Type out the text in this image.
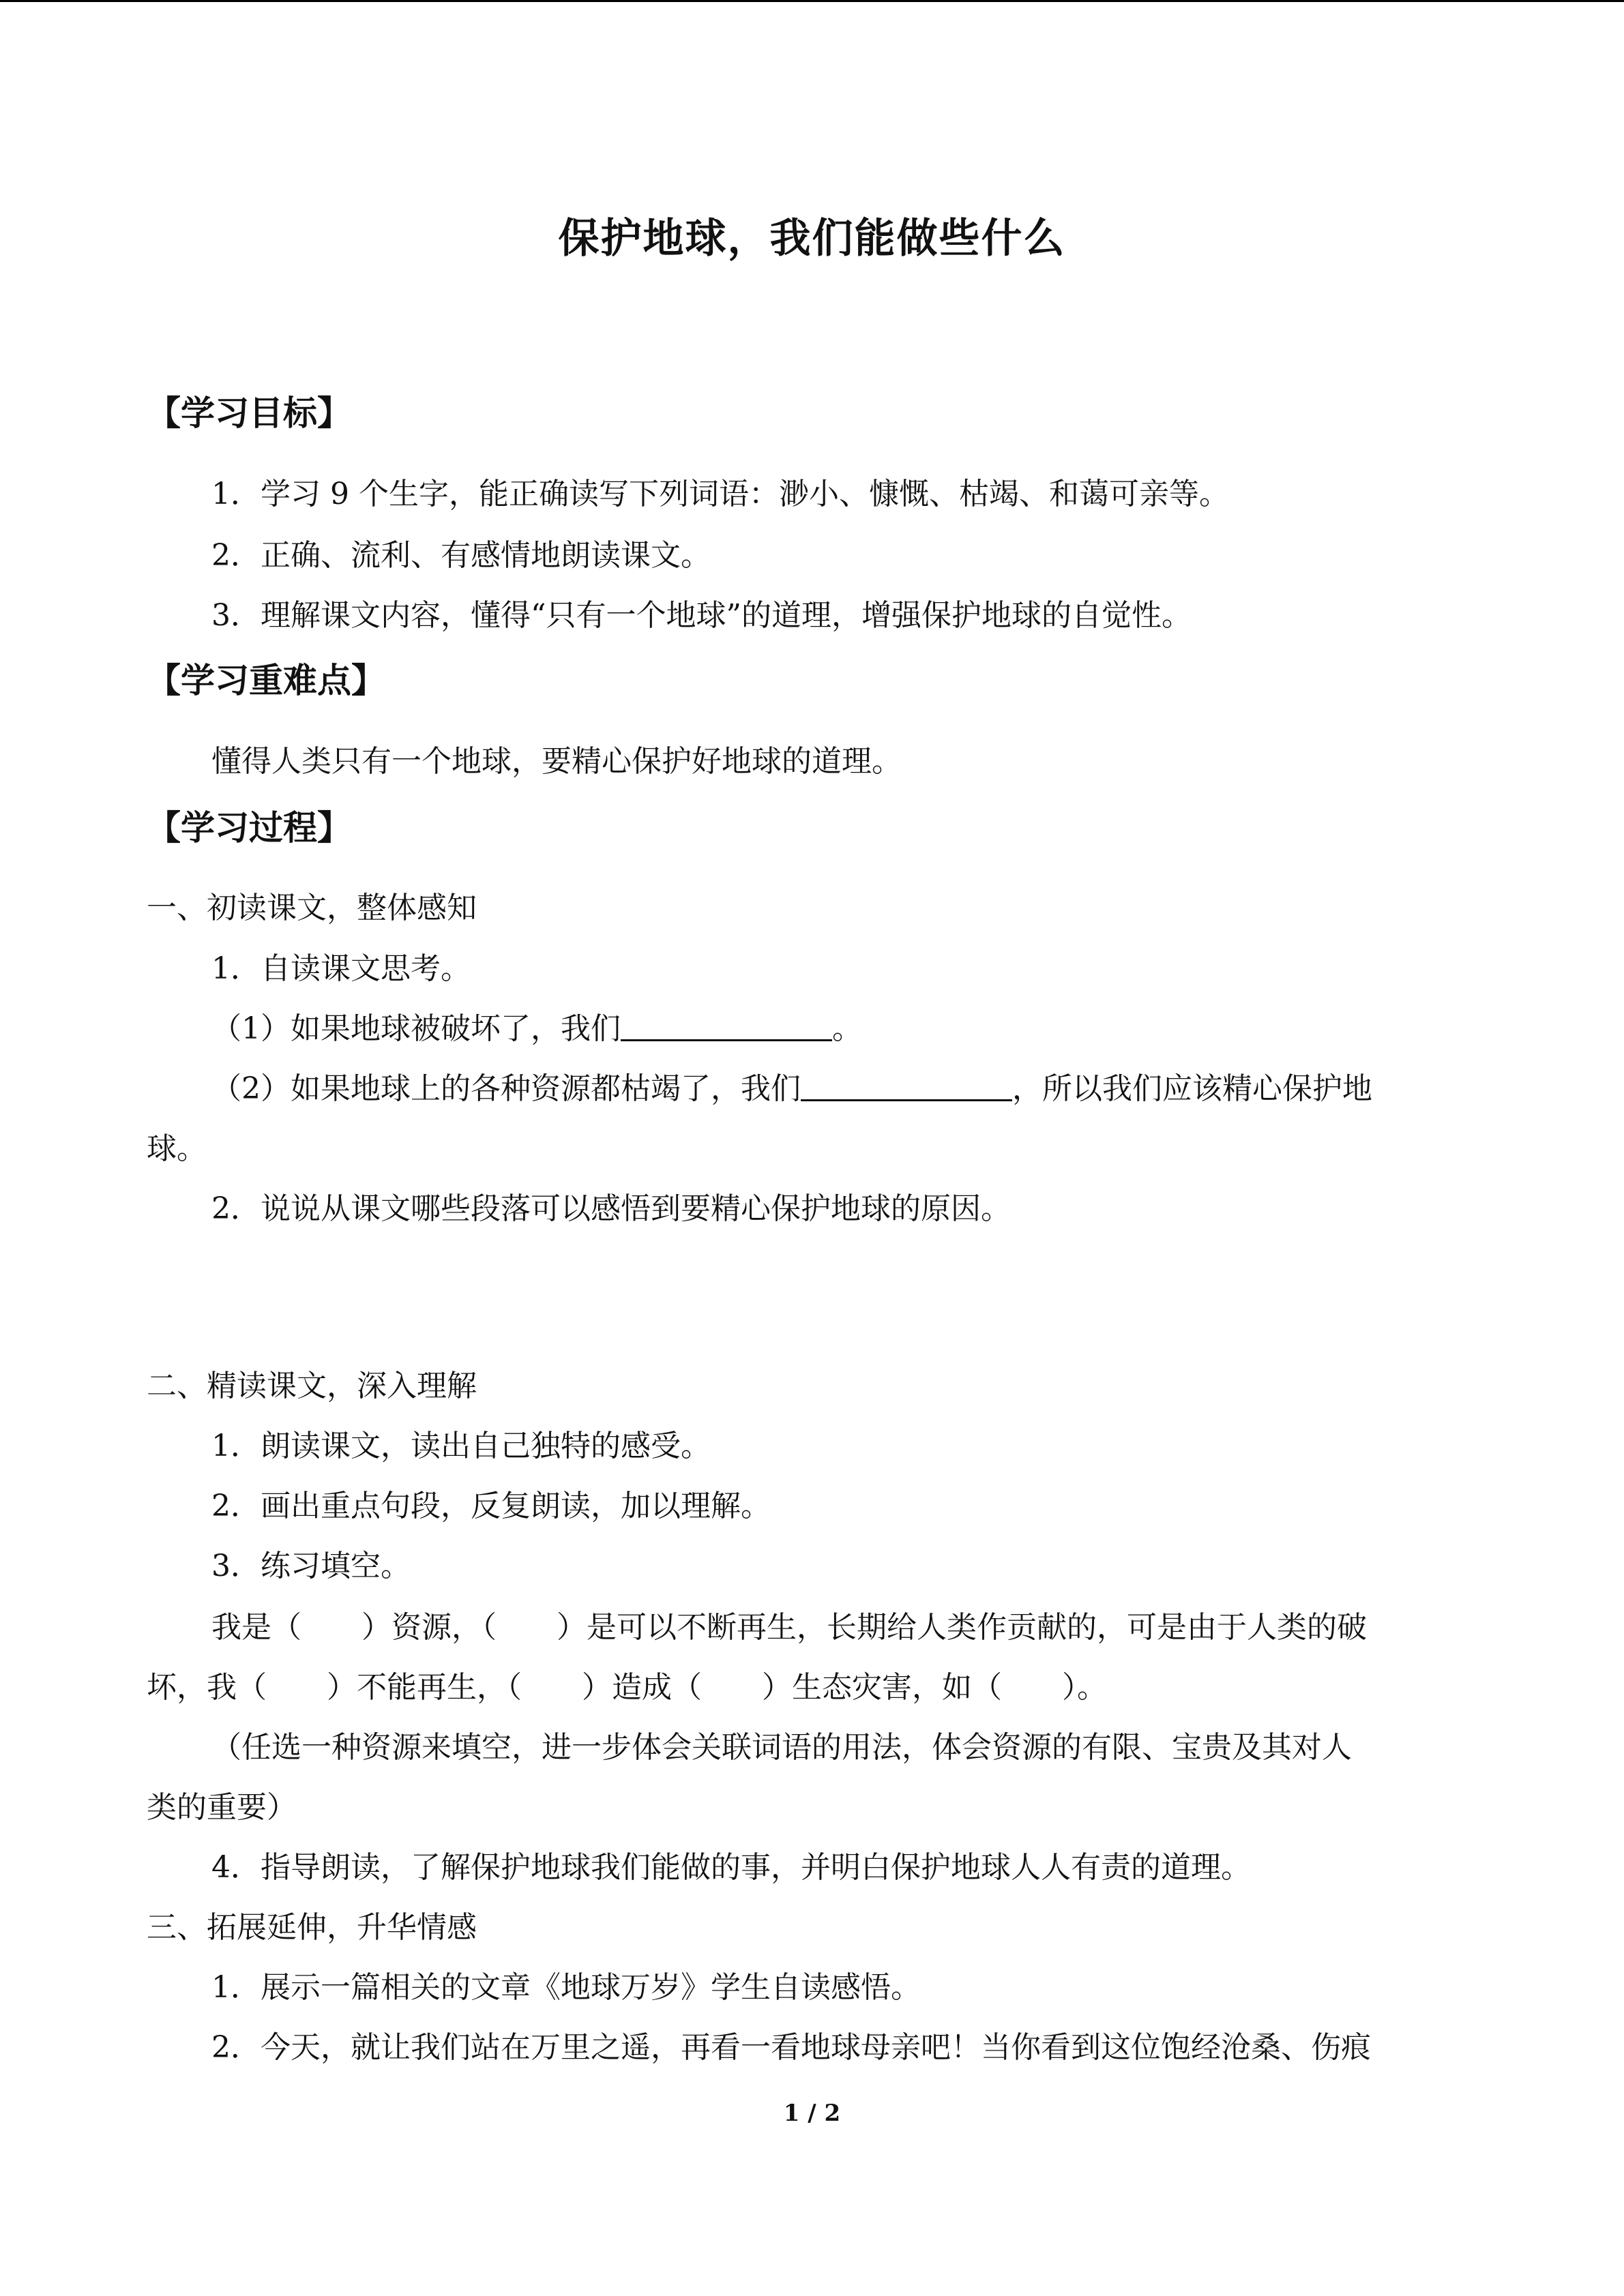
保护地球，我们能做些什么
【学习目标】
1．学习 9 个生字，能正确读写下列词语：渺小、慷慨、枯竭、和蔼可亲等。
2．正确、流利、有感情地朗读课文。
3．理解课文内容，懂得“只有一个地球”的道理，增强保护地球的自觉性。
【学习重难点】
懂得人类只有一个地球，要精心保护好地球的道理。
【学习过程】
一、初读课文，整体感知
1．自读课文思考。
（1）如果地球被破坏了，我们	。
（2）如果地球上的各种资源都枯竭了，我们	，所以我们应该精心保护地
球。
2．说说从课文哪些段落可以感悟到要精心保护地球的原因。
二、精读课文，深入理解
1．朗读课文，读出自己独特的感受。
2．画出重点句段，反复朗读，加以理解。
3．练习填空。
我是（　　）资源，（　　）是可以不断再生，长期给人类作贡献的，可是由于人类的破
坏，我（　　）不能再生，（　　）造成（　　）生态灾害，如（　　）。
（任选一种资源来填空，进一步体会关联词语的用法，体会资源的有限、宝贵及其对人
类的重要）
4．指导朗读，了解保护地球我们能做的事，并明白保护地球人人有责的道理。
三、拓展延伸，升华情感
1．展示一篇相关的文章《地球万岁》学生自读感悟。
2．今天，就让我们站在万里之遥，再看一看地球母亲吧！当你看到这位饱经沧桑、伤痕
1 / 2
